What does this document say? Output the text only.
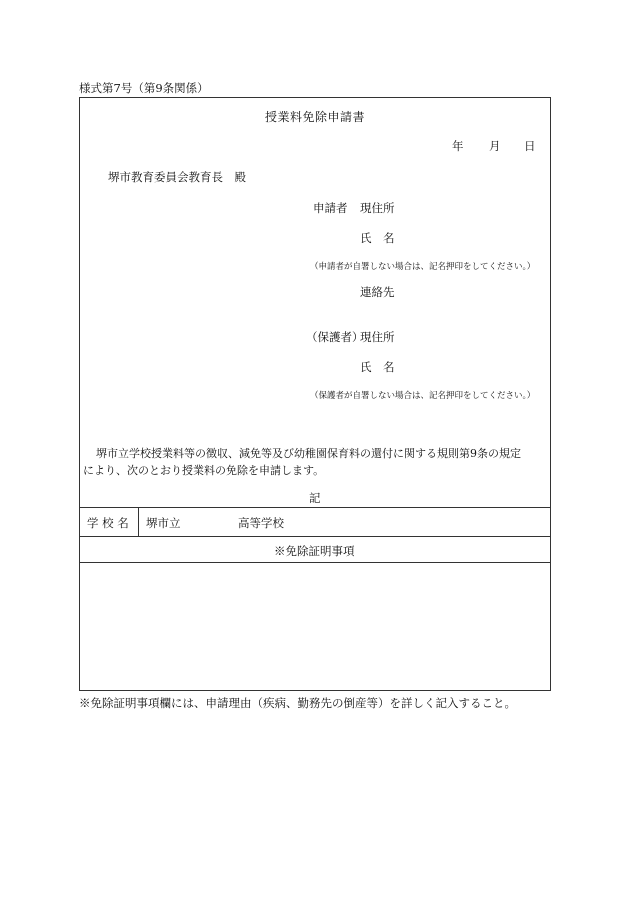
様式第7号（第9条関係）
授業料免除申請書
年 月 日
堺市教育委員会教育長　殿
申請者 現住所
氏　名
（申請者が自署しない場合は、記名押印をしてください。）
連絡先
（保護者）
現住所
氏　名
（保護者が自署しない場合は、記名押印をしてください。）
堺市立学校授業料等の徴収、減免等及び幼稚園保育料の還付に関する規則第9条の規定
により、次のとおり授業料の免除を申請します。
記
学 校 名 堺市立	高等学校
※免除証明事項
※免除証明事項欄には、申請理由（疾病、勤務先の倒産等）を詳しく記入すること。
